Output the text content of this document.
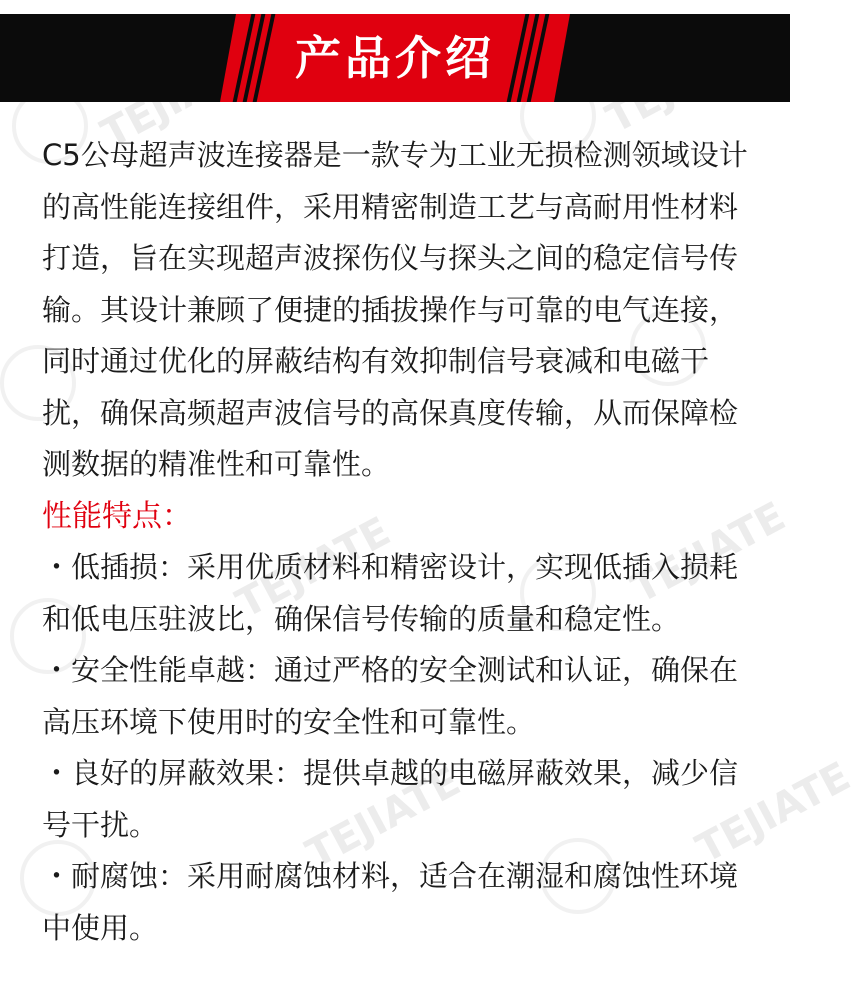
TEJIATE	TEJIATE
TEJIATE	TEJIATE
产品介绍

C5公母超声波连接器是一款专为工业无损检测领域设计的高性能连接组件，采用精密制造工艺与高耐用性材料打造，旨在实现超声波探伤仪与探头之间的稳定信号传输。其设计兼顾了便捷的插拔操作与可靠的电气连接，同时通过优化的屏蔽结构有效抑制信号衰减和电磁干扰，确保高频超声波信号的高保真度传输，从而保障检测数据的精准性和可靠性。

性能特点：

・低插损：采用优质材料和精密设计，实现低插入损耗和低电压驻波比，确保信号传输的质量和稳定性。

・安全性能卓越：通过严格的安全测试和认证，确保在高压环境下使用时的安全性和可靠性。

・良好的屏蔽效果：提供卓越的电磁屏蔽效果，减少信号干扰。

・耐腐蚀：采用耐腐蚀材料，适合在潮湿和腐蚀性环境中使用。
